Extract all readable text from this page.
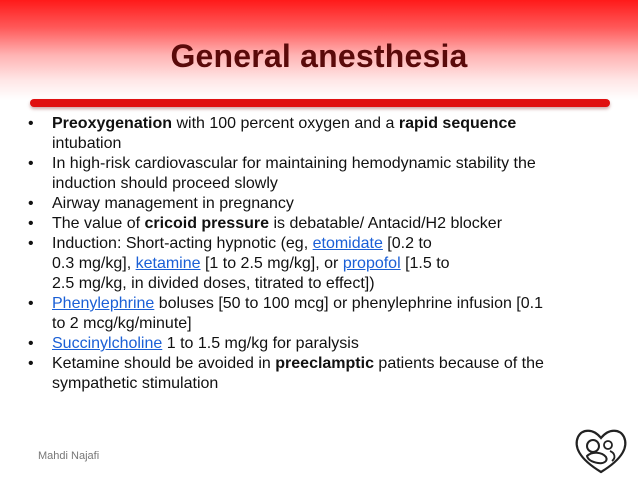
General anesthesia
• Preoxygenation with 100 percent oxygen and a rapid sequence
intubation
• In high-risk cardiovascular for maintaining hemodynamic stability the
induction should proceed slowly
• Airway management in pregnancy
• The value of cricoid pressure is debatable/ Antacid/H2 blocker
• Induction: Short-acting hypnotic (eg, etomidate [0.2 to
0.3 mg/kg], ketamine [1 to 2.5 mg/kg], or propofol [1.5 to
2.5 mg/kg, in divided doses, titrated to effect])
• Phenylephrine boluses [50 to 100 mcg] or phenylephrine infusion [0.1
to 2 mcg/kg/minute]
• Succinylcholine 1 to 1.5 mg/kg for paralysis
• Ketamine should be avoided in preeclamptic patients because of the
sympathetic stimulation
Mahdi Najafi
